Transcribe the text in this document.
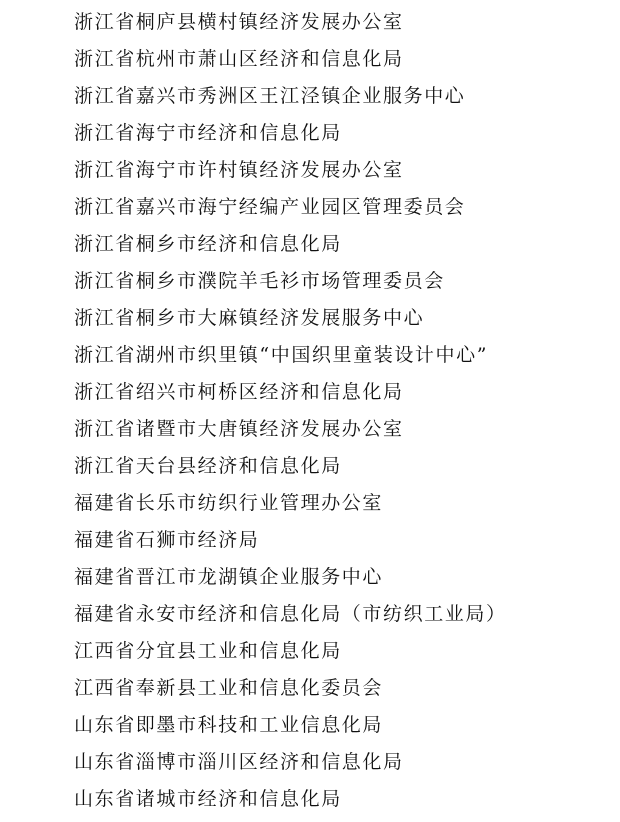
浙江省桐庐县横村镇经济发展办公室
浙江省杭州市萧山区经济和信息化局
浙江省嘉兴市秀洲区王江泾镇企业服务中心
浙江省海宁市经济和信息化局
浙江省海宁市许村镇经济发展办公室
浙江省嘉兴市海宁经编产业园区管理委员会
浙江省桐乡市经济和信息化局
浙江省桐乡市濮院羊毛衫市场管理委员会
浙江省桐乡市大麻镇经济发展服务中心
浙江省湖州市织里镇“中国织里童装设计中心”
浙江省绍兴市柯桥区经济和信息化局
浙江省诸暨市大唐镇经济发展办公室
浙江省天台县经济和信息化局
福建省长乐市纺织行业管理办公室
福建省石狮市经济局
福建省晋江市龙湖镇企业服务中心
福建省永安市经济和信息化局（市纺织工业局）
江西省分宜县工业和信息化局
江西省奉新县工业和信息化委员会
山东省即墨市科技和工业信息化局
山东省淄博市淄川区经济和信息化局
山东省诸城市经济和信息化局
